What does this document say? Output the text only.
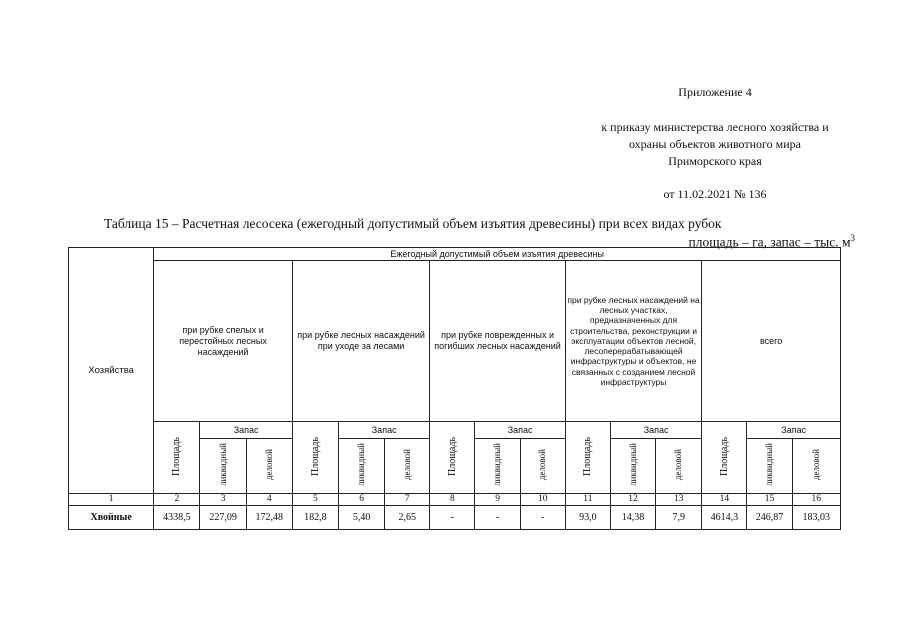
Приложение 4
к приказу министерства лесного хозяйства и
охраны объектов животного мира
Приморского края
от 11.02.2021 № 136
Таблица 15 – Расчетная лесосека (ежегодный допустимый объем изъятия древесины) при всех видах рубок
площадь – га, запас – тыс. $м^3$
Хозяйства	Ежегодный допустимый объем изъятия древесины														
	при рубке спелых и перестойных лесных насаждений			при рубке лесных насаждений при уходе за лесами			при рубке поврежденных и погибших лесных насаждений			при рубке лесных насаждений на лесных участках, предназначенных для строительства, реконструкции и эксплуатации объектов лесной, лесоперерабатывающей инфраструктуры и объектов, не связанных с созданием лесной инфраструктуры			всего		
	Площадь	Запас		Площадь	Запас		Площадь	Запас		Площадь	Запас		Площадь	Запас	
		ликвидный	деловой		ликвидный	деловой		ликвидный	деловой		ликвидный	деловой		ликвидный	деловой
1	2	3	4	5	6	7	8	9	10	11	12	13	14	15	16
Хвойные	4338,5	227,09	172,48	182,8	5,40	2,65	-	-	-	93,0	14,38	7,9	4614,3	246,87	183,03
